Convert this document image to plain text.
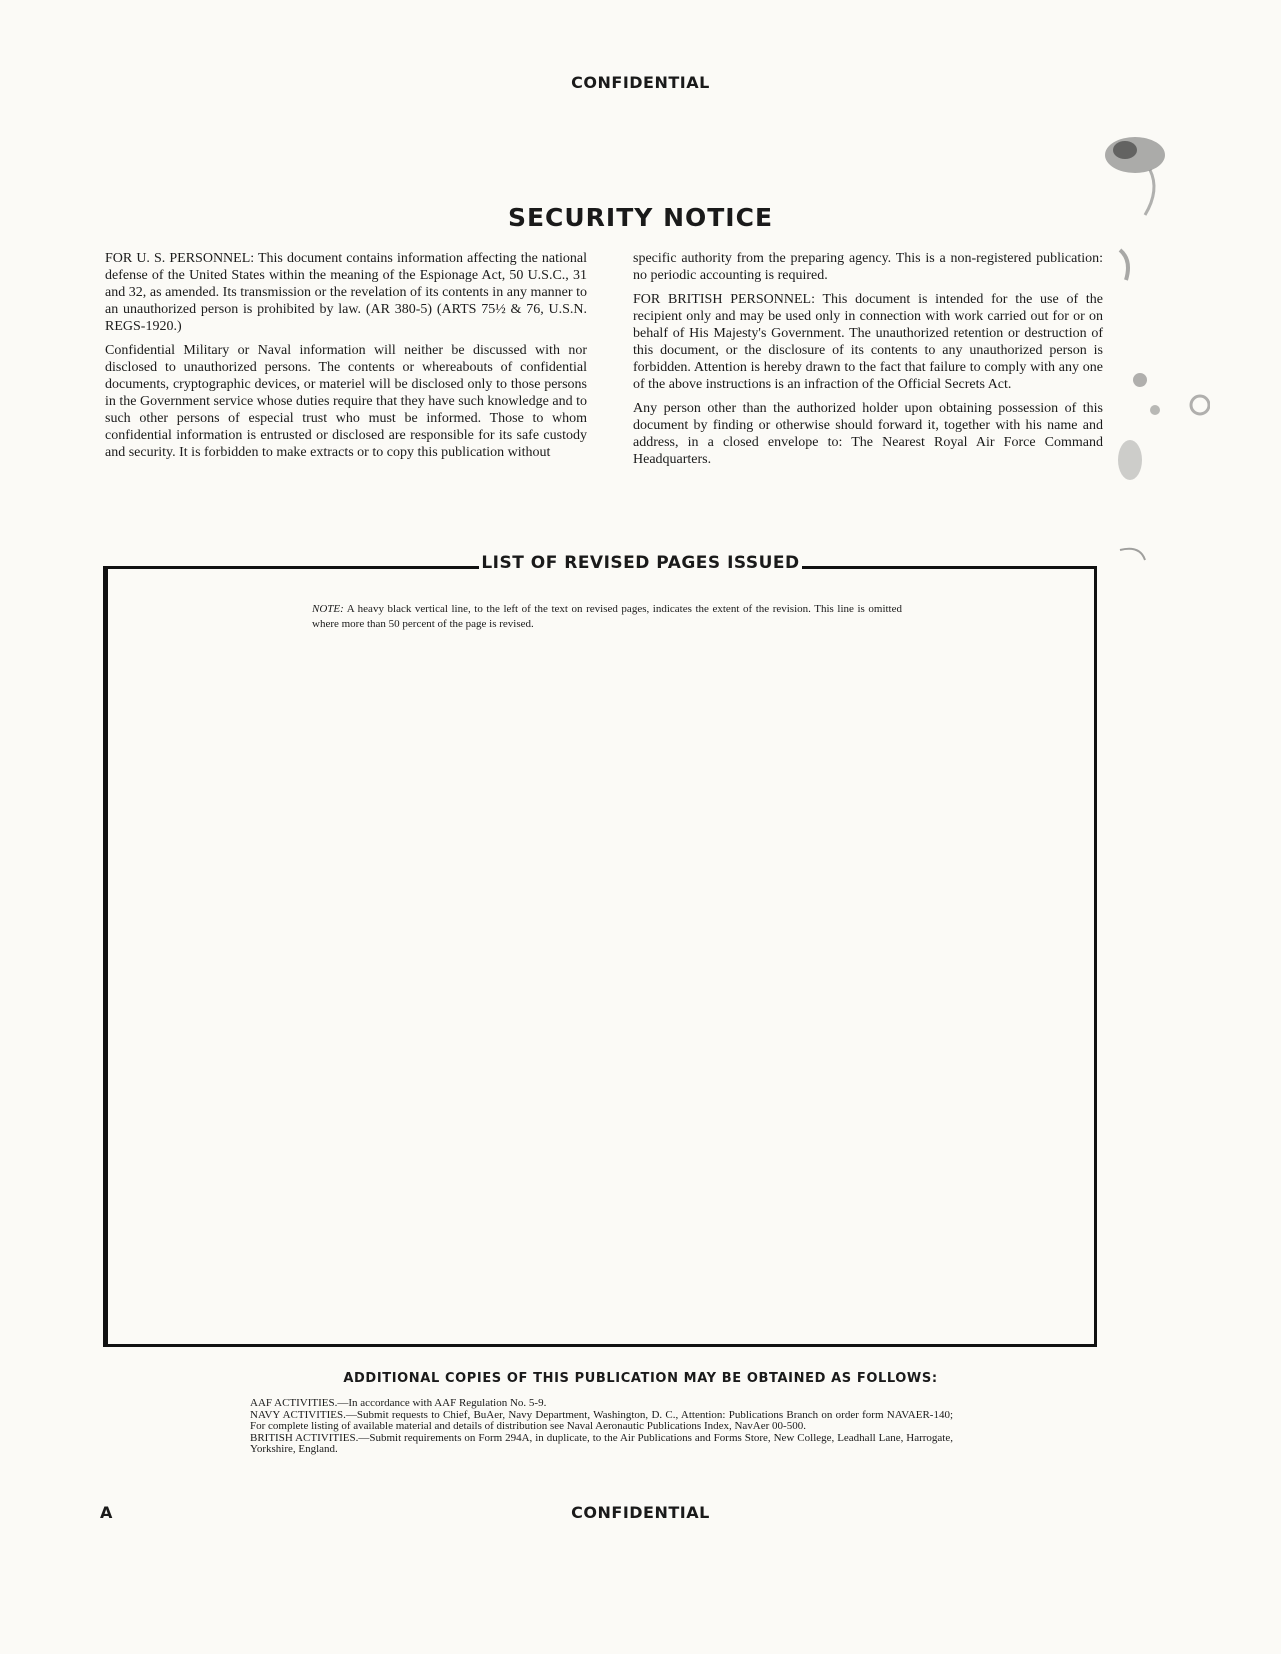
CONFIDENTIAL
SECURITY NOTICE

FOR U. S. PERSONNEL: This document contains information affecting the national defense of the United States within the meaning of the Espionage Act, 50 U.S.C., 31 and 32, as amended. Its transmission or the revelation of its contents in any manner to an unauthorized person is prohibited by law. (AR 380-5) (ARTS 75½ & 76, U.S.N. REGS-1920.)

Confidential Military or Naval information will neither be discussed with nor disclosed to unauthorized persons. The contents or whereabouts of confidential documents, cryptographic devices, or materiel will be disclosed only to those persons in the Government service whose duties require that they have such knowledge and to such other persons of especial trust who must be informed. Those to whom confidential information is entrusted or disclosed are responsible for its safe custody and security. It is forbidden to make extracts or to copy this publication without

specific authority from the preparing agency. This is a non-registered publication: no periodic accounting is required.

FOR BRITISH PERSONNEL: This document is intended for the use of the recipient only and may be used only in connection with work carried out for or on behalf of His Majesty's Government. The unauthorized retention or destruction of this document, or the disclosure of its contents to any unauthorized person is forbidden. Attention is hereby drawn to the fact that failure to comply with any one of the above instructions is an infraction of the Official Secrets Act.

Any person other than the authorized holder upon obtaining possession of this document by finding or otherwise should forward it, together with his name and address, in a closed envelope to: The Nearest Royal Air Force Command Headquarters.

LIST OF REVISED PAGES ISSUED
NOTE: A heavy black vertical line, to the left of the text on revised pages, indicates the extent of the revision. This line is omitted where more than 50 percent of the page is revised.
ADDITIONAL COPIES OF THIS PUBLICATION MAY BE OBTAINED AS FOLLOWS:

AAF ACTIVITIES.—In accordance with AAF Regulation No. 5-9.

NAVY ACTIVITIES.—Submit requests to Chief, BuAer, Navy Department, Washington, D. C., Attention: Publications Branch on order form NAVAER-140; For complete listing of available material and details of distribution see Naval Aeronautic Publications Index, NavAer 00-500.

BRITISH ACTIVITIES.—Submit requirements on Form 294A, in duplicate, to the Air Publications and Forms Store, New College, Leadhall Lane, Harrogate, Yorkshire, England.

A	CONFIDENTIAL
